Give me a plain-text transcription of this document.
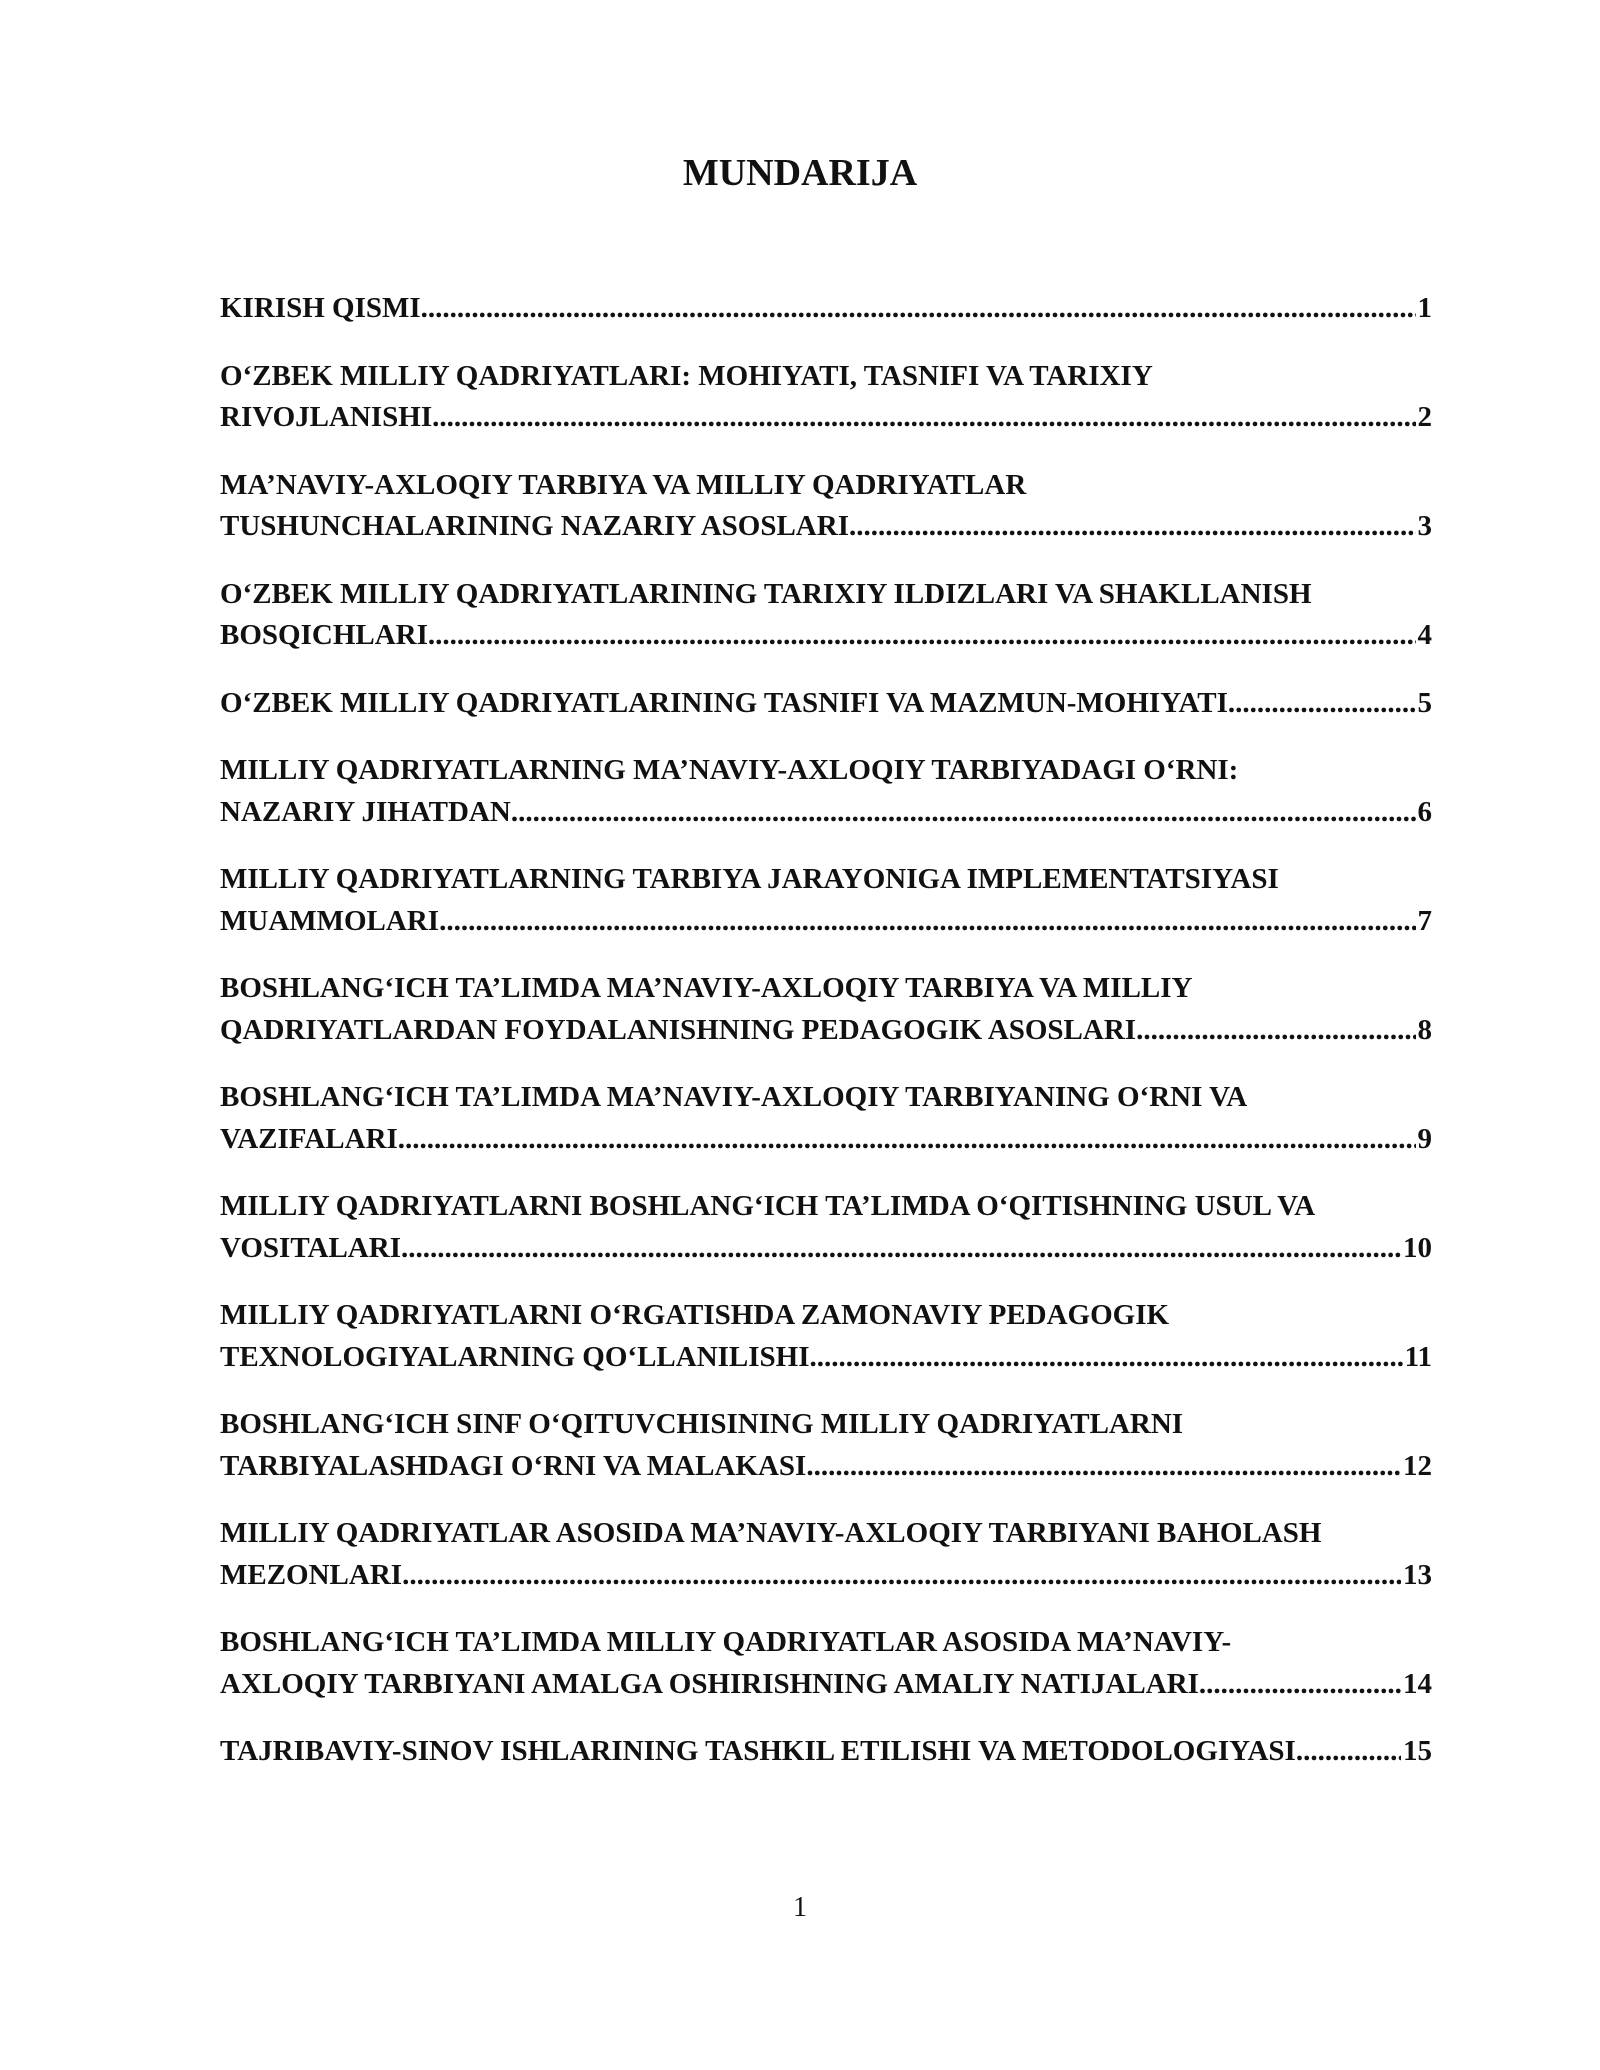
MUNDARIJA
KIRISH QISMI .....	1
O‘ZBEK MILLIY QADRIYATLARI: MOHIYATI, TASNIFI VA TARIXIY
RIVOJLANISHI .....	2
MA’NAVIY-AXLOQIY TARBIYA VA MILLIY QADRIYATLAR
TUSHUNCHALARINING NAZARIY ASOSLARI .....	3
O‘ZBEK MILLIY QADRIYATLARINING TARIXIY ILDIZLARI VA SHAKLLANISH
BOSQICHLARI .....	4
O‘ZBEK MILLIY QADRIYATLARINING TASNIFI VA MAZMUN-MOHIYATI .....	5
MILLIY QADRIYATLARNING MA’NAVIY-AXLOQIY TARBIYADAGI O‘RNI:
NAZARIY JIHATDAN .....	6
MILLIY QADRIYATLARNING TARBIYA JARAYONIGA IMPLEMENTATSIYASI
MUAMMOLARI .....	7
BOSHLANG‘ICH TA’LIMDA MA’NAVIY-AXLOQIY TARBIYA VA MILLIY
QADRIYATLARDAN FOYDALANISHNING PEDAGOGIK ASOSLARI .....	8
BOSHLANG‘ICH TA’LIMDA MA’NAVIY-AXLOQIY TARBIYANING O‘RNI VA
VAZIFALARI .....	9
MILLIY QADRIYATLARNI BOSHLANG‘ICH TA’LIMDA O‘QITISHNING USUL VA
VOSITALARI .....	10
MILLIY QADRIYATLARNI O‘RGATISHDA ZAMONAVIY PEDAGOGIK
TEXNOLOGIYALARNING QO‘LLANILISHI .....	11
BOSHLANG‘ICH SINF O‘QITUVCHISINING MILLIY QADRIYATLARNI
TARBIYALASHDAGI O‘RNI VA MALAKASI .....	12
MILLIY QADRIYATLAR ASOSIDA MA’NAVIY-AXLOQIY TARBIYANI BAHOLASH
MEZONLARI .....	13
BOSHLANG‘ICH TA’LIMDA MILLIY QADRIYATLAR ASOSIDA MA’NAVIY-
AXLOQIY TARBIYANI AMALGA OSHIRISHNING AMALIY NATIJALARI .....	14
TAJRIBAVIY-SINOV ISHLARINING TASHKIL ETILISHI VA METODOLOGIYASI .....	15
1
